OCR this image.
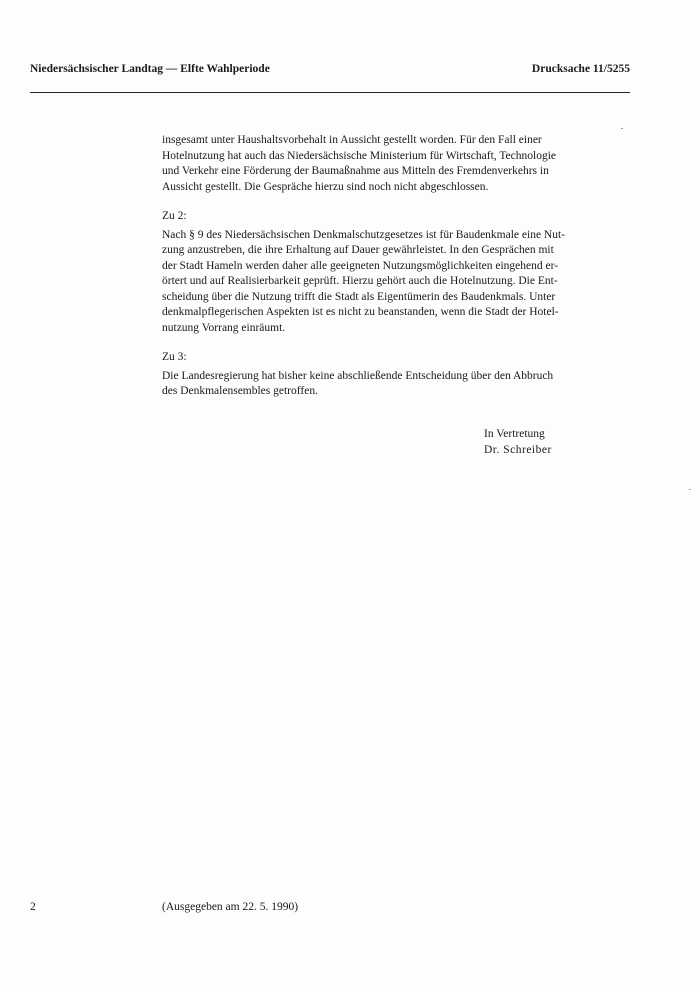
Niedersächsischer Landtag — Elfte Wahlperiode	Drucksache 11/5255

insgesamt unter Haushaltsvorbehalt in Aussicht gestellt worden. Für den Fall einer

Hotelnutzung hat auch das Niedersächsische Ministerium für Wirtschaft, Technologie

und Verkehr eine Förderung der Baumaßnahme aus Mitteln des Fremdenverkehrs in

Aussicht gestellt. Die Gespräche hierzu sind noch nicht abgeschlossen.

Zu 2:

Nach § 9 des Niedersächsischen Denkmalschutzgesetzes ist für Baudenkmale eine Nut-

zung anzustreben, die ihre Erhaltung auf Dauer gewährleistet. In den Gesprächen mit

der Stadt Hameln werden daher alle geeigneten Nutzungsmöglichkeiten eingehend er-

örtert und auf Realisierbarkeit geprüft. Hierzu gehört auch die Hotelnutzung. Die Ent-

scheidung über die Nutzung trifft die Stadt als Eigentümerin des Baudenkmals. Unter

denkmalpflegerischen Aspekten ist es nicht zu beanstanden, wenn die Stadt der Hotel-

nutzung Vorrang einräumt.

Zu 3:

Die Landesregierung hat bisher keine abschließende Entscheidung über den Abbruch

des Denkmalensembles getroffen.

In Vertretung
Dr. Schreiber
2	(Ausgegeben am 22. 5. 1990)
